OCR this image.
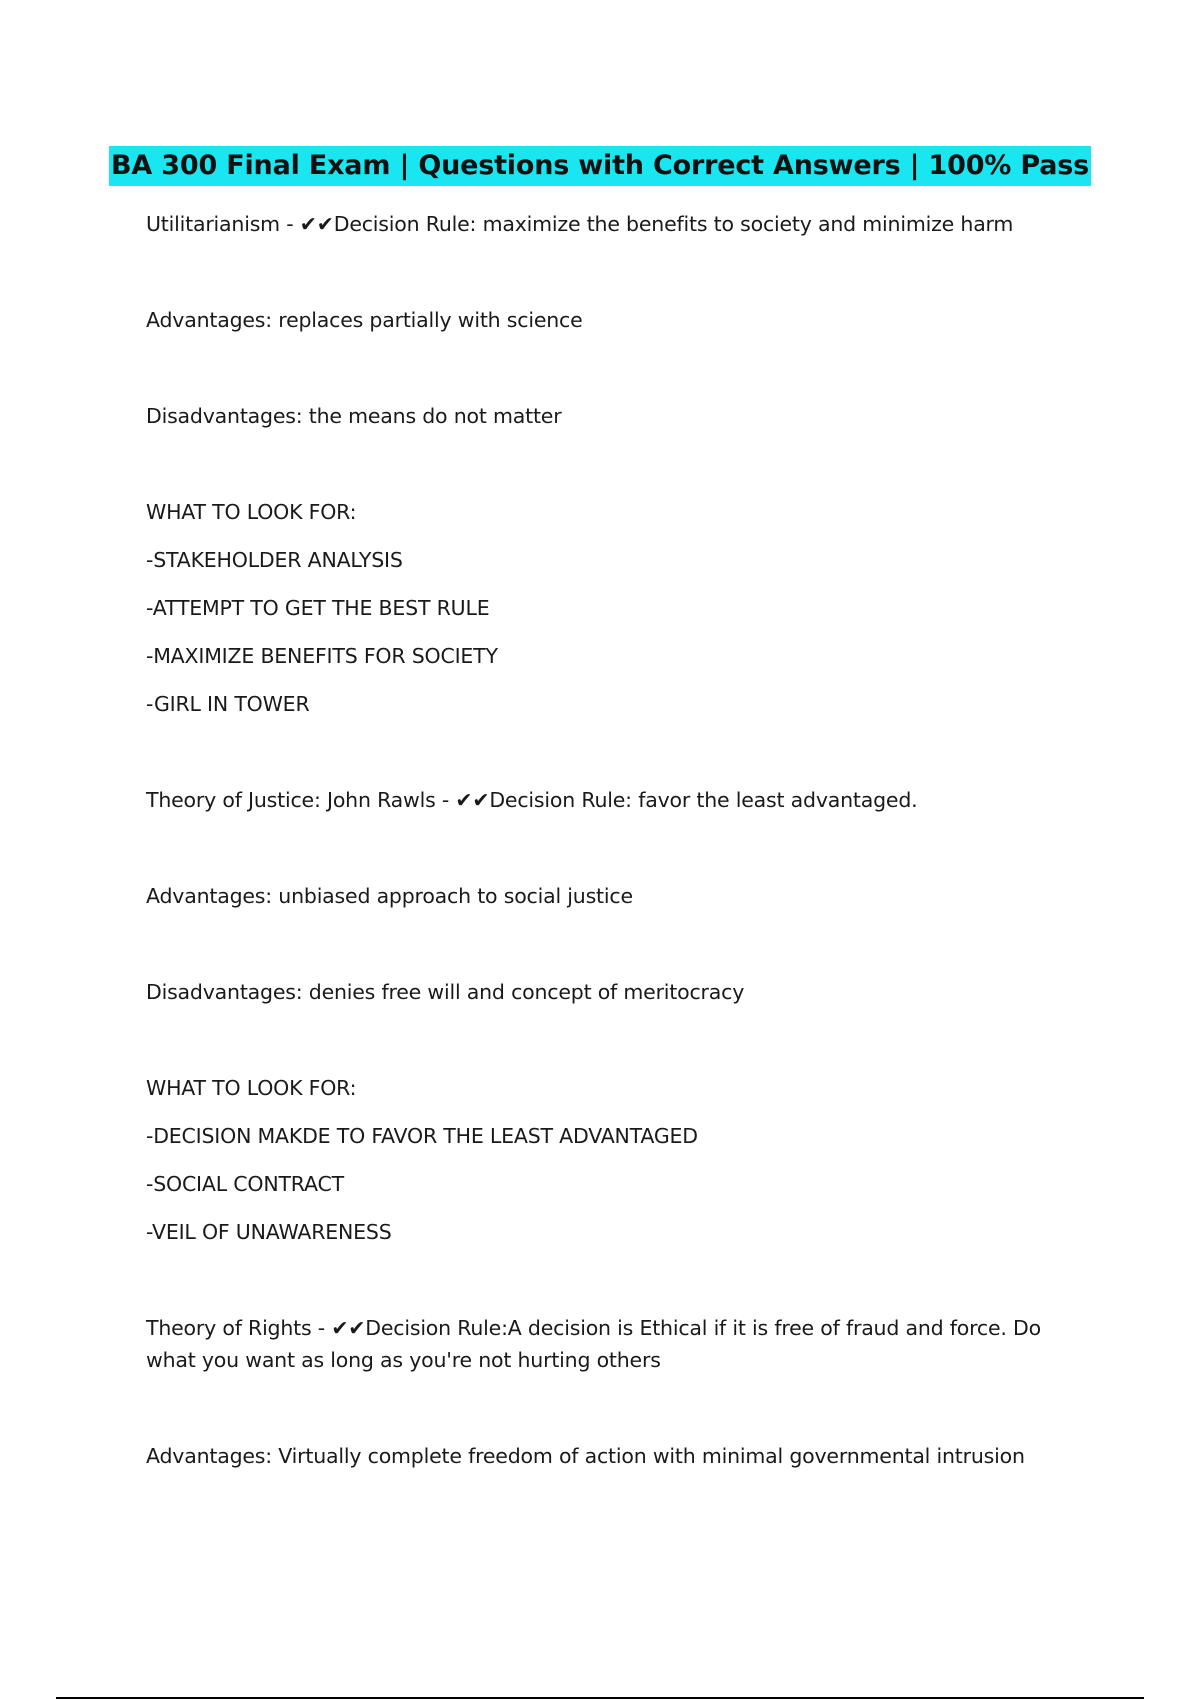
BA 300 Final Exam | Questions with Correct Answers | 100% Pass

Utilitarianism - ✔✔Decision Rule: maximize the benefits to society and minimize harm

Advantages: replaces partially with science

Disadvantages: the means do not matter

WHAT TO LOOK FOR:

-STAKEHOLDER ANALYSIS

-ATTEMPT TO GET THE BEST RULE

-MAXIMIZE BENEFITS FOR SOCIETY

-GIRL IN TOWER

Theory of Justice: John Rawls - ✔✔Decision Rule: favor the least advantaged.

Advantages: unbiased approach to social justice

Disadvantages: denies free will and concept of meritocracy

WHAT TO LOOK FOR:

-DECISION MAKDE TO FAVOR THE LEAST ADVANTAGED

-SOCIAL CONTRACT

-VEIL OF UNAWARENESS

Theory of Rights - ✔✔Decision Rule:A decision is Ethical if it is free of fraud and force. Do what you want as long as you're not hurting others

Advantages: Virtually complete freedom of action with minimal governmental intrusion
